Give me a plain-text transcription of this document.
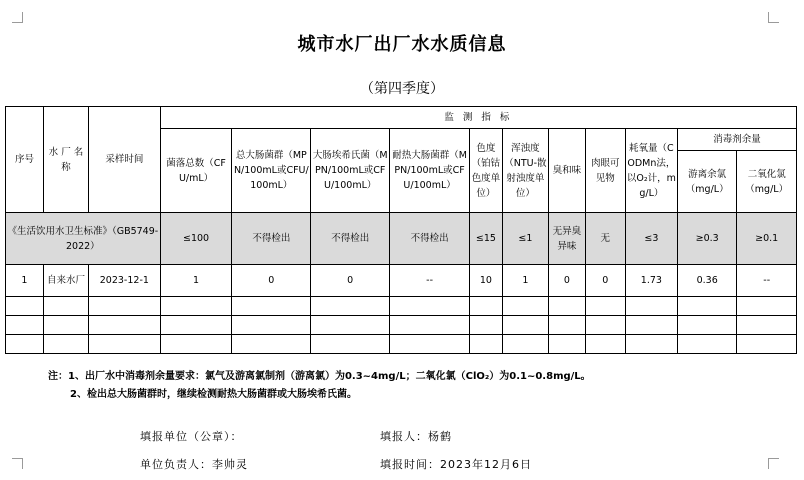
城市水厂出厂水水质信息
（第四季度）
序号	水 厂 名 称	采样时间	监 测 指 标										
			菌落总数（CFU/mL）	总大肠菌群（MPN/100mL或CFU/100mL）	大肠埃希氏菌（MPN/100mL或CFU/100mL）	耐热大肠菌群（MPN/100mL或CFU/100mL）	色度（铂钴色度单位）	浑浊度（NTU-散射浊度单位）	臭和味	肉眼可见物	耗氧量（CODMn法，以O₂计，mg/L）	消毒剂余量	
												游离余氯（mg/L）	二氧化氯（mg/L）
《生活饮用水卫生标准》（GB5749-2022）			≤100	不得检出	不得检出	不得检出	≤15	≤1	无异臭异味	无	≤3	≥0.3	≥0.1
1	自来水厂	2023-12-1	1	0	0	--	10	1	0	0	1.73	0.36	--

注：1、出厂水中消毒剂余量要求：氯气及游离氯制剂（游离氯）为0.3~4mg/L；二氧化氯（ClO₂）为0.1~0.8mg/L。
2、检出总大肠菌群时，继续检测耐热大肠菌群或大肠埃希氏菌。
填报单位（公章）：	填报人：杨鹤
单位负责人：李帅灵	填报时间：2023年12月6日
